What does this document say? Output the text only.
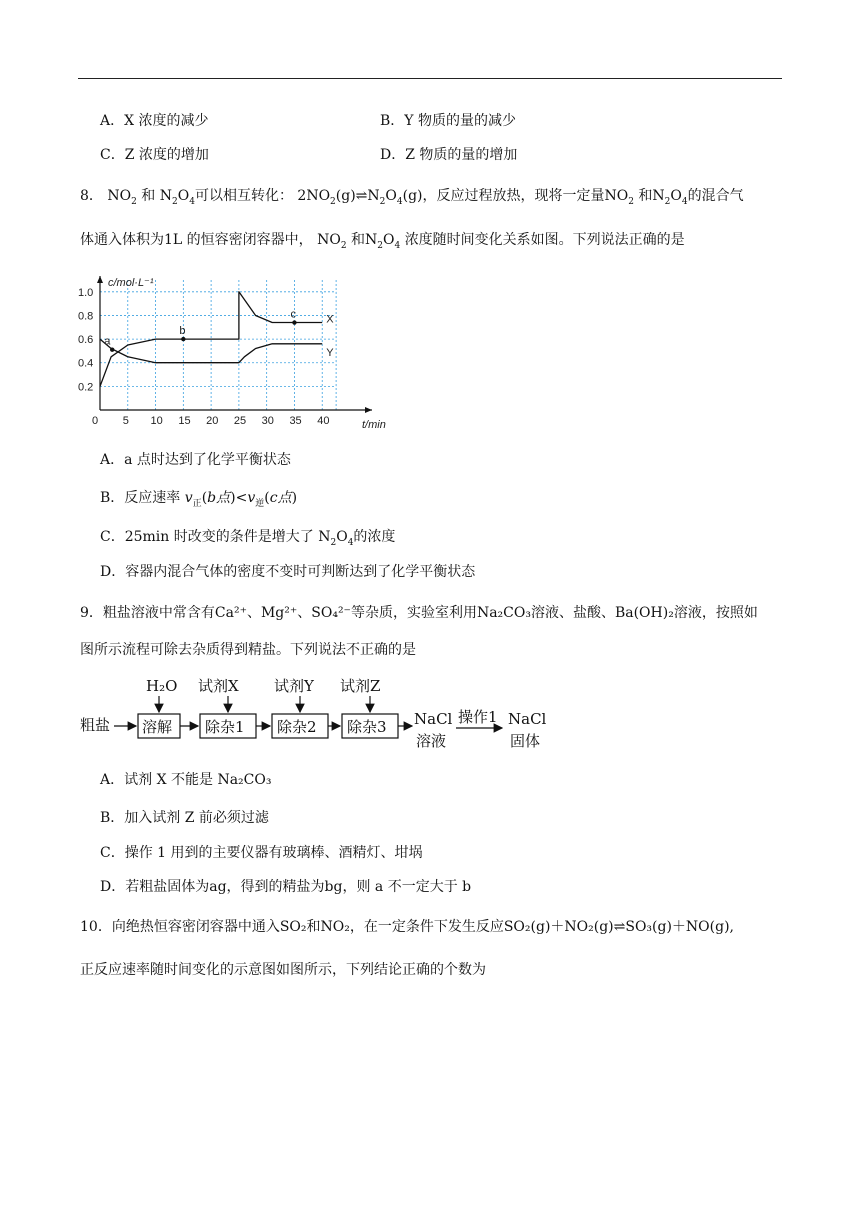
A．X 浓度的减少	B．Y 物质的量的减少
C．Z 浓度的增加	D．Z 物质的量的增加
8． $NO_2$ 和 $N_2O_4$可以相互转化： $2NO_2(g)\rightleftharpoons N_2O_4(g)$，反应过程放热，现将一定量$NO_2$ 和$N_2O_4$的混合气
体通入体积为1L 的恒容密闭容器中， $NO_2$ 和$N_2O_4$ 浓度随时间变化关系如图。下列说法正确的是
0 5 10 15 20 25 30 35 40
0.2
0.4
0.6
0.8
1.0
c/mol·L⁻¹
t/min
X
Y
a
b
c
A．a 点时达到了化学平衡状态
B．反应速率 $v_正(b$点)$<v_逆(c$点)
C．25min 时改变的条件是增大了 $N_2O_4$的浓度
D．容器内混合气体的密度不变时可判断达到了化学平衡状态
9．粗盐溶液中常含有Ca²⁺、Mg²⁺、SO₄²⁻等杂质，实验室利用Na₂CO₃溶液、盐酸、Ba(OH)₂溶液，按照如
图所示流程可除去杂质得到精盐。下列说法不正确的是
粗盐 溶解
H₂O
除杂1
试剂X
除杂2
试剂Y
除杂3
试剂Z
NaCl
溶液
操作1 NaCl
固体
A．试剂 X 不能是 Na₂CO₃
B．加入试剂 Z 前必须过滤
C．操作 1 用到的主要仪器有玻璃棒、酒精灯、坩埚
D．若粗盐固体为ag，得到的精盐为bg，则 a 不一定大于 b
10．向绝热恒容密闭容器中通入SO₂和NO₂，在一定条件下发生反应SO₂(g)＋NO₂(g)⇌SO₃(g)＋NO(g),
正反应速率随时间变化的示意图如图所示，下列结论正确的个数为
